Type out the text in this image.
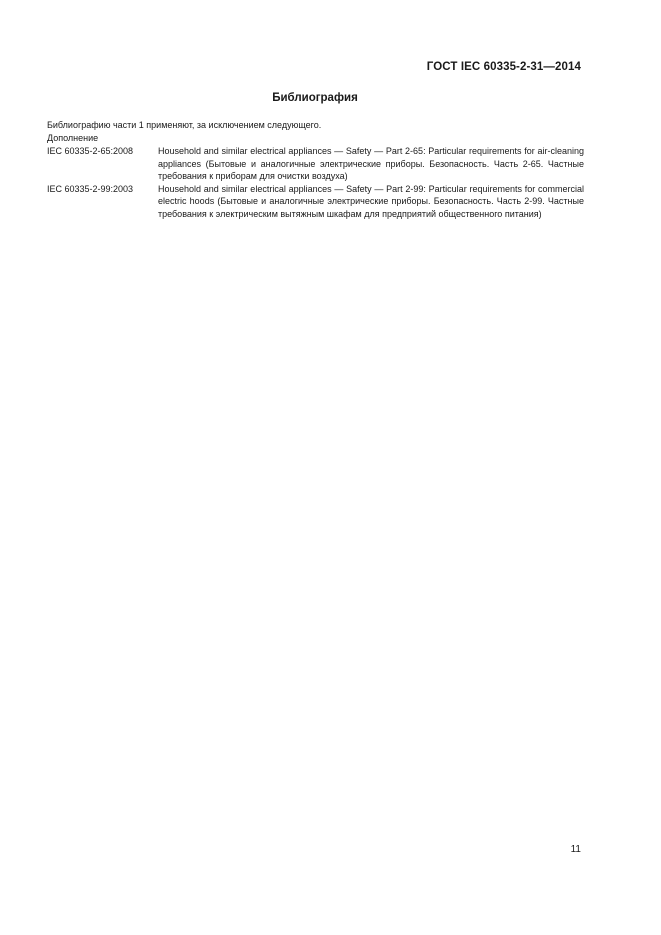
ГОСТ IEC 60335-2-31—2014
Библиография
Библиографию части 1 применяют, за исключением следующего.
Дополнение
IEC 60335-2-65:2008	Household and similar electrical appliances — Safety — Part 2-65: Particular requirements for air-cleaning appliances (Бытовые и аналогичные электрические приборы. Безопасность. Часть 2-65. Частные требования к приборам для очистки воздуха)
IEC 60335-2-99:2003	Household and similar electrical appliances — Safety — Part 2-99: Particular requirements for commercial electric hoods (Бытовые и аналогичные электрические приборы. Безопасность. Часть 2-99. Частные требования к электрическим вытяжным шкафам для предприятий общественного питания)
11
